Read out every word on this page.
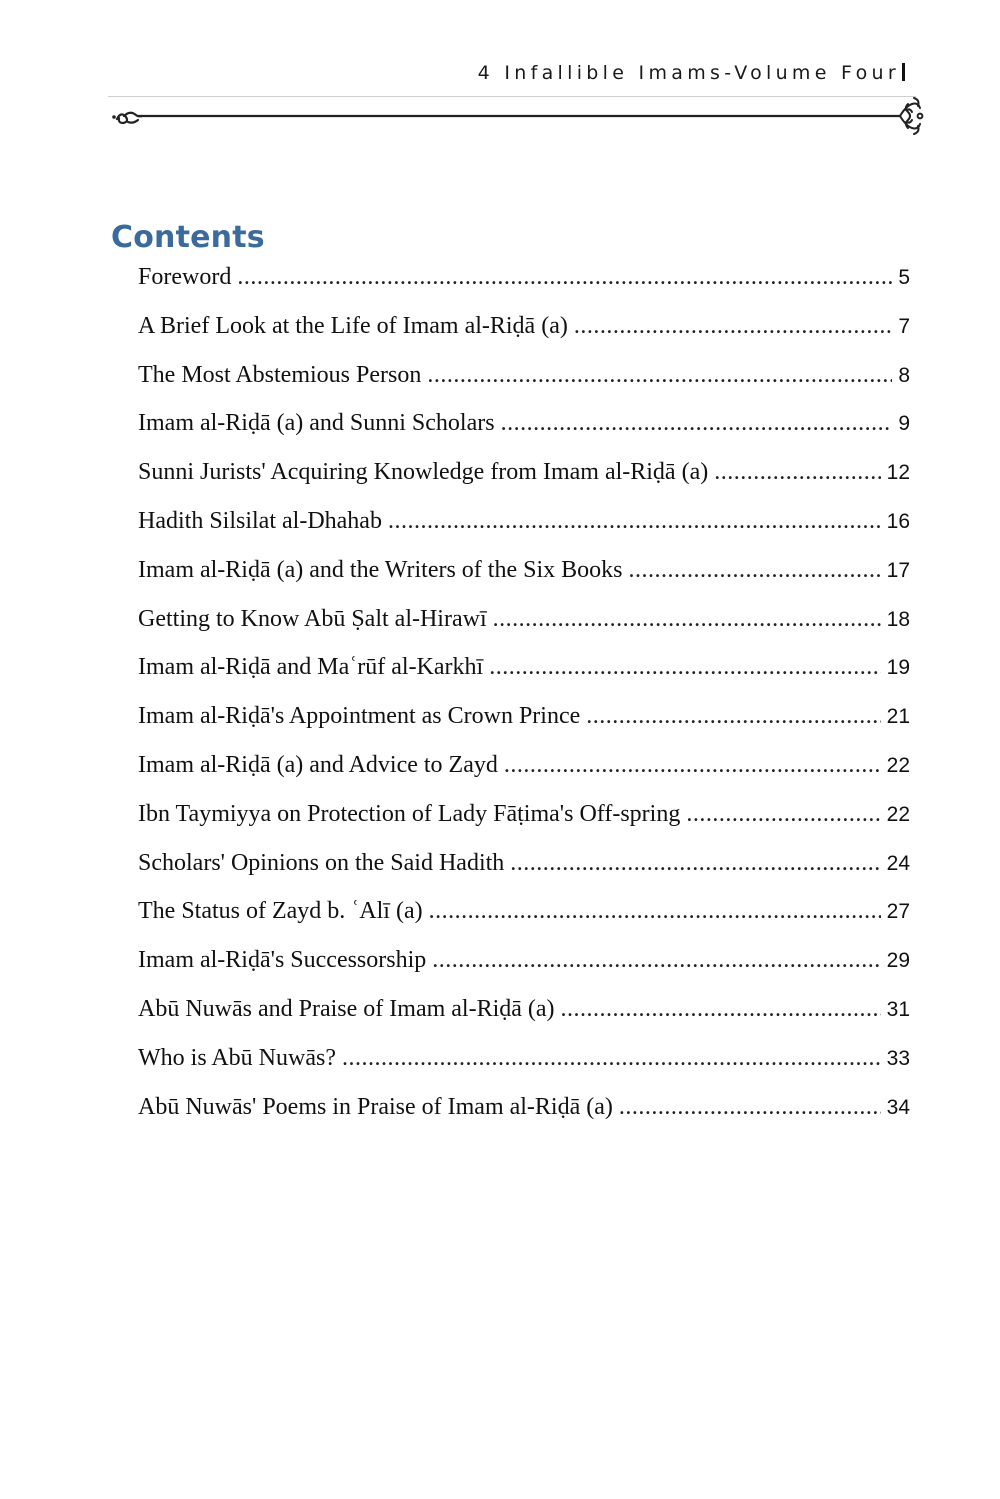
4 Infallible Imams-Volume Four
Contents
Foreword .....	5
A Brief Look at the Life of Imam al-Riḍā (a) .....	7
The Most Abstemious Person .....	8
Imam al-Riḍā (a) and Sunni Scholars .....	9
Sunni Jurists' Acquiring Knowledge from Imam al-Riḍā (a) .....	12
Hadith Silsilat al-Dhahab .....	16
Imam al-Riḍā (a) and the Writers of the Six Books .....	17
Getting to Know Abū Ṣalt al-Hirawī .....	18
Imam al-Riḍā and Maʿrūf al-Karkhī .....	19
Imam al-Riḍā's Appointment as Crown Prince .....	21
Imam al-Riḍā (a) and Advice to Zayd .....	22
Ibn Taymiyya on Protection of Lady Fāṭima's Off-spring .....	22
Scholars' Opinions on the Said Hadith .....	24
The Status of Zayd b. ʿAlī (a) .....	27
Imam al-Riḍā's Successorship .....	29
Abū Nuwās and Praise of Imam al-Riḍā (a) .....	31
Who is Abū Nuwās? .....	33
Abū Nuwās' Poems in Praise of Imam al-Riḍā (a) .....	34
